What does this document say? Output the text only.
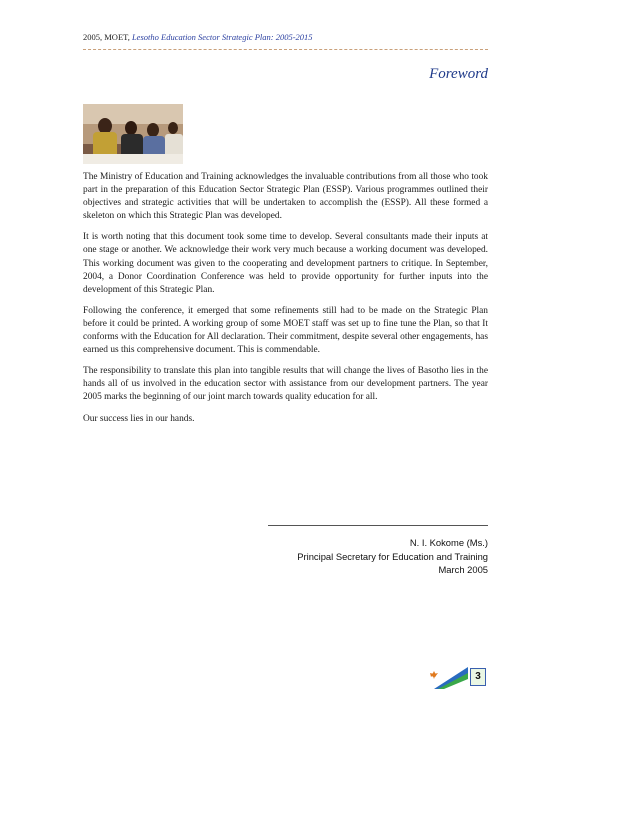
2005, MOET, Lesotho Education Sector Strategic Plan: 2005-2015
Foreword

The Ministry of Education and Training acknowledges the invaluable contributions from all those who took part in the preparation of this Education Sector Strategic Plan (ESSP). Various programmes outlined their objectives and strategic activities that will be undertaken to accomplish the (ESSP). All these formed a skeleton on which this Strategic Plan was developed.

It is worth noting that this document took some time to develop. Several consultants made their inputs at one stage or another. We acknowledge their work very much because a working document was developed. This working document was given to the cooperating and development partners to critique. In September, 2004, a Donor Coordination Conference was held to provide opportunity for further inputs into the development of this Strategic Plan.

Following the conference, it emerged that some refinements still had to be made on the Strategic Plan before it could be printed. A working group of some MOET staff was set up to fine tune the Plan, so that It conforms with the Education for All declaration. Their commitment, despite several other engagements, has earned us this comprehensive document. This is commendable.

The responsibility to translate this plan into tangible results that will change the lives of Basotho lies in the hands all of us involved in the education sector with assistance from our development partners. The year 2005 marks the beginning of our joint march towards quality education for all.

Our success lies in our hands.

N. I. Kokome (Ms.)
Principal Secretary for Education and Training
March 2005
3
